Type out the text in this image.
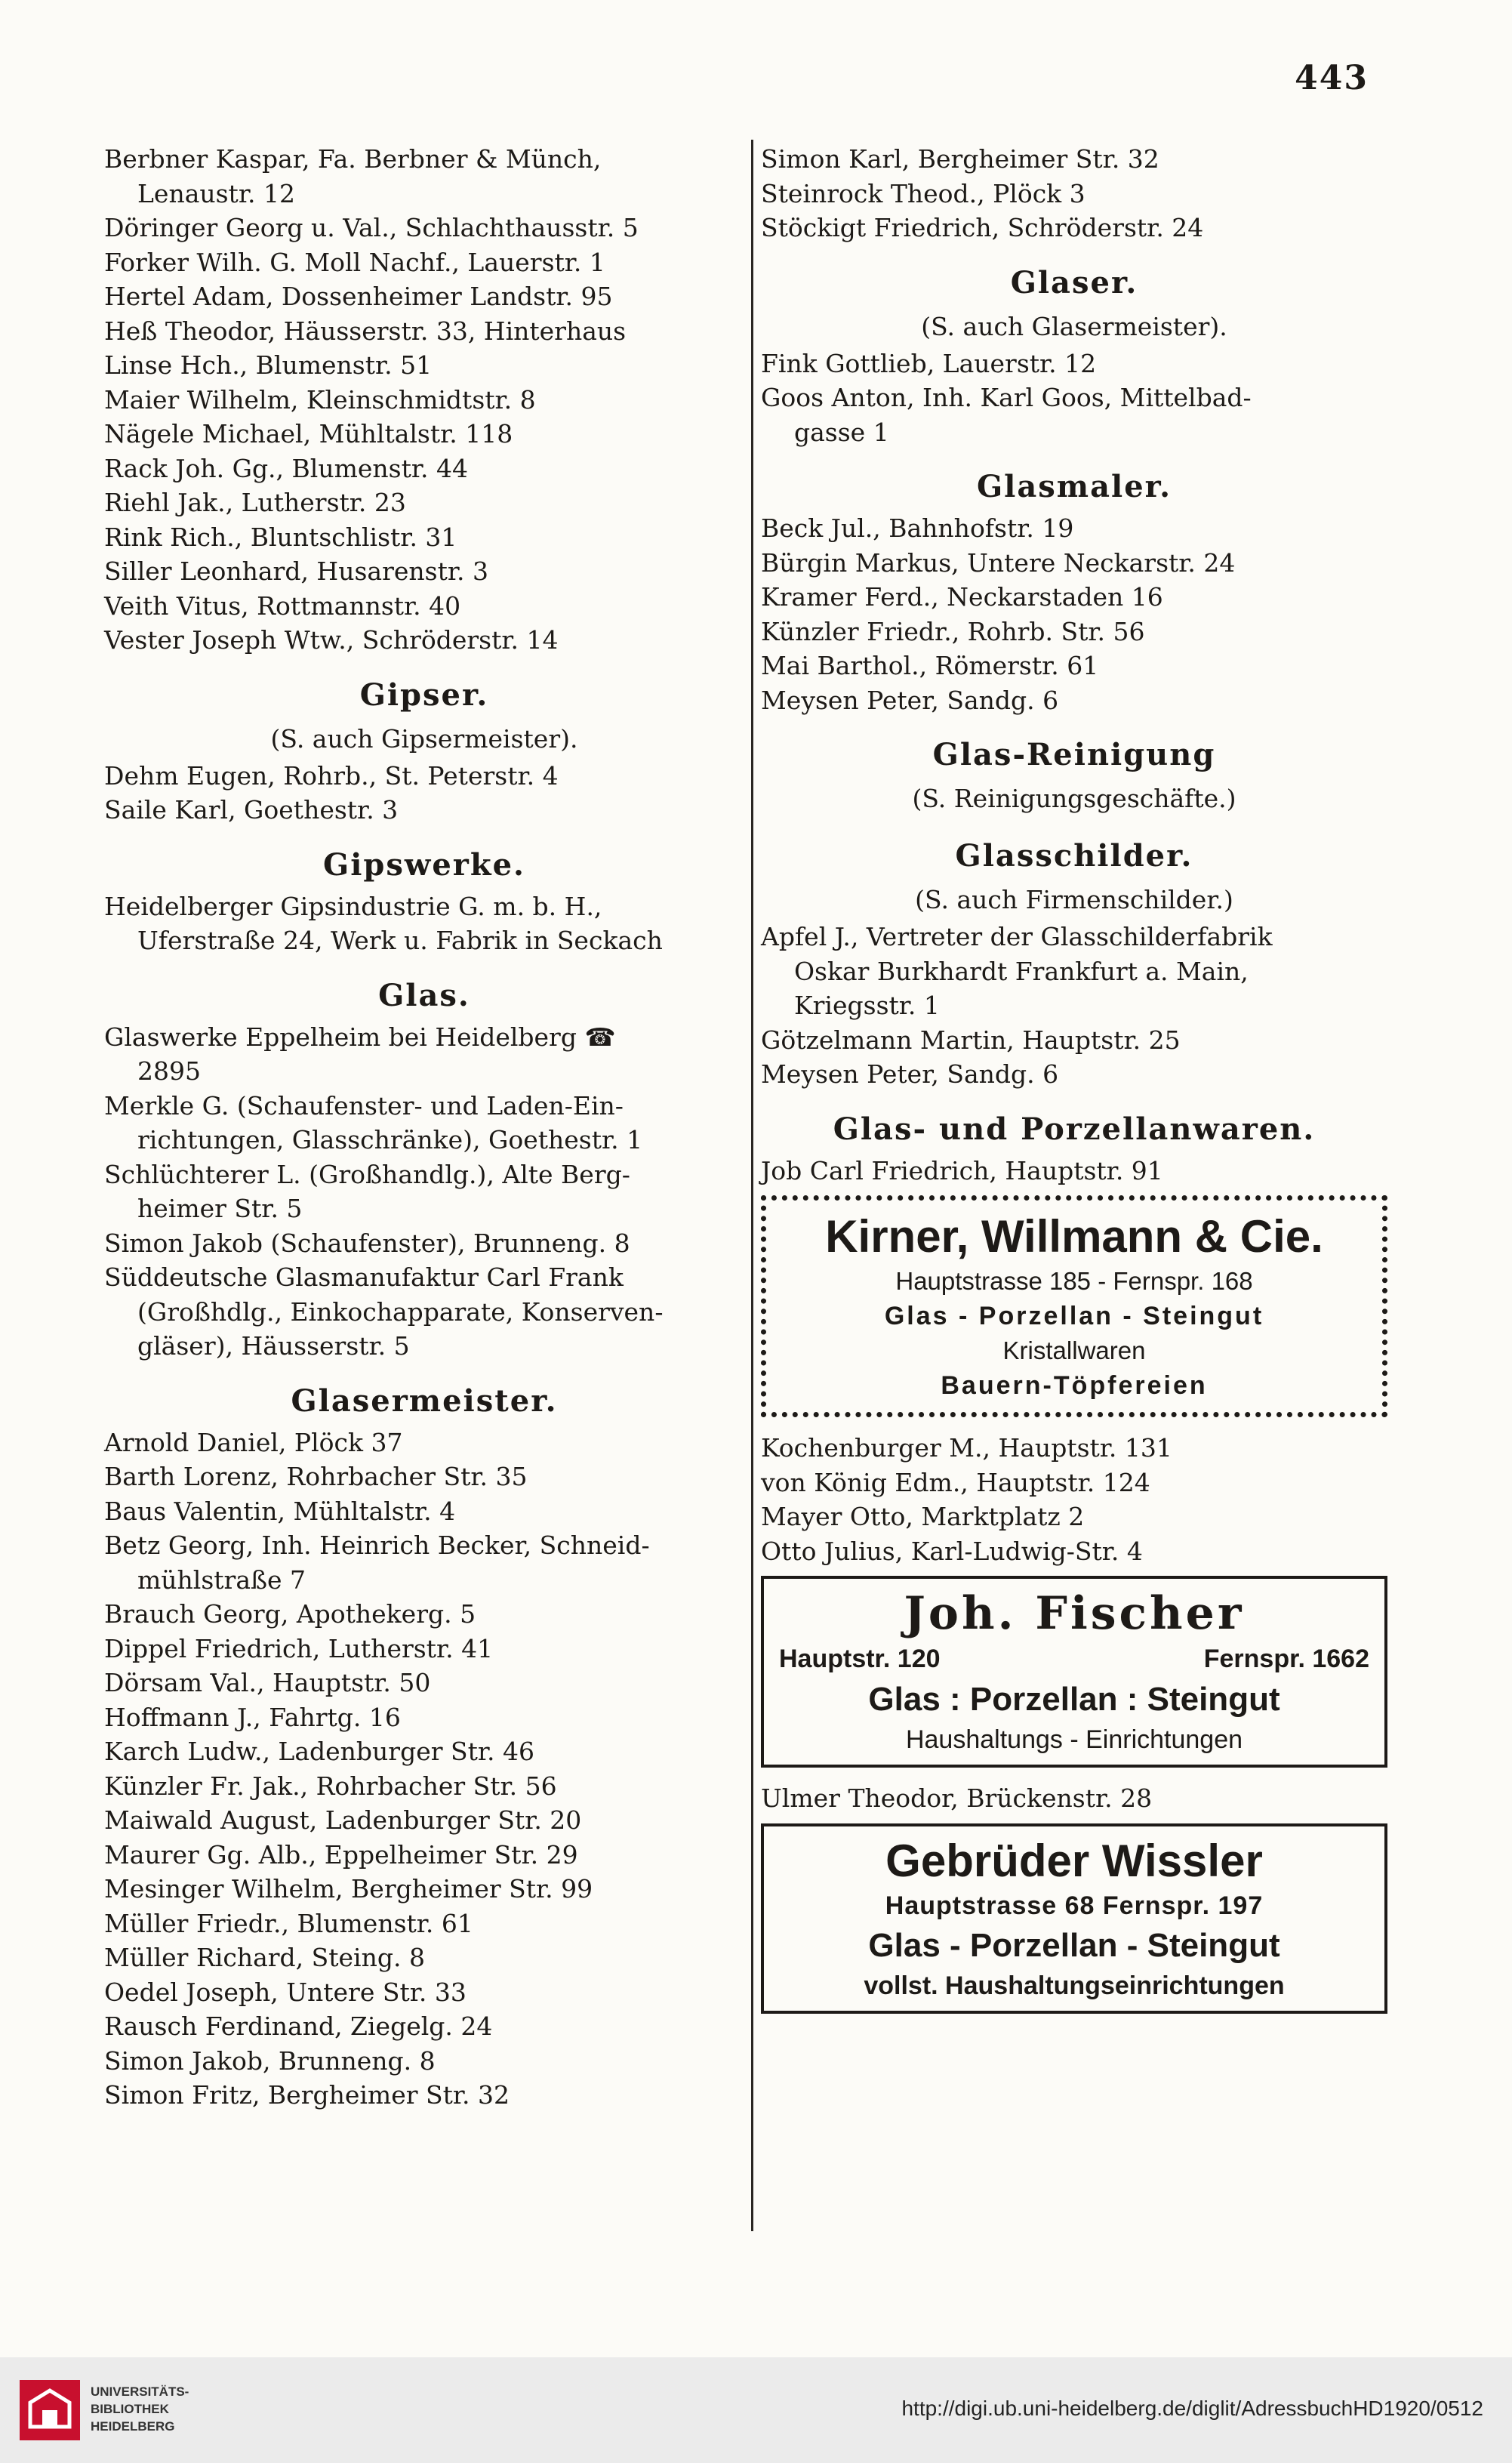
443
Berbner Kaspar, Fa. Berbner & Münch,
Lenaustr. 12
Döringer Georg u. Val., Schlachthausstr. 5
Forker Wilh. G. Moll Nachf., Lauerstr. 1
Hertel Adam, Dossenheimer Landstr. 95
Heß Theodor, Häusserstr. 33, Hinterhaus
Linse Hch., Blumenstr. 51
Maier Wilhelm, Kleinschmidtstr. 8
Nägele Michael, Mühltalstr. 118
Rack Joh. Gg., Blumenstr. 44
Riehl Jak., Lutherstr. 23
Rink Rich., Bluntschlistr. 31
Siller Leonhard, Husarenstr. 3
Veith Vitus, Rottmannstr. 40
Vester Joseph Wtw., Schröderstr. 14
Gipser.
(S. auch Gipsermeister).
Dehm Eugen, Rohrb., St. Peterstr. 4
Saile Karl, Goethestr. 3
Gipswerke.
Heidelberger Gipsindustrie G. m. b. H.,
Uferstraße 24, Werk u. Fabrik in Seckach
Glas.
Glaswerke Eppelheim bei Heidelberg ☎
2895
Merkle G. (Schaufenster- und Laden-Ein-
richtungen, Glasschränke), Goethestr. 1
Schlüchterer L. (Großhandlg.), Alte Berg-
heimer Str. 5
Simon Jakob (Schaufenster), Brunneng. 8
Süddeutsche Glasmanufaktur Carl Frank
(Großhdlg., Einkochapparate, Konserven-
gläser), Häusserstr. 5
Glasermeister.
Arnold Daniel, Plöck 37
Barth Lorenz, Rohrbacher Str. 35
Baus Valentin, Mühltalstr. 4
Betz Georg, Inh. Heinrich Becker, Schneid-
mühlstraße 7
Brauch Georg, Apothekerg. 5
Dippel Friedrich, Lutherstr. 41
Dörsam Val., Hauptstr. 50
Hoffmann J., Fahrtg. 16
Karch Ludw., Ladenburger Str. 46
Künzler Fr. Jak., Rohrbacher Str. 56
Maiwald August, Ladenburger Str. 20
Maurer Gg. Alb., Eppelheimer Str. 29
Mesinger Wilhelm, Bergheimer Str. 99
Müller Friedr., Blumenstr. 61
Müller Richard, Steing. 8
Oedel Joseph, Untere Str. 33
Rausch Ferdinand, Ziegelg. 24
Simon Jakob, Brunneng. 8
Simon Fritz, Bergheimer Str. 32
Simon Karl, Bergheimer Str. 32
Steinrock Theod., Plöck 3
Stöckigt Friedrich, Schröderstr. 24
Glaser.
(S. auch Glasermeister).
Fink Gottlieb, Lauerstr. 12
Goos Anton, Inh. Karl Goos, Mittelbad-
gasse 1
Glasmaler.
Beck Jul., Bahnhofstr. 19
Bürgin Markus, Untere Neckarstr. 24
Kramer Ferd., Neckarstaden 16
Künzler Friedr., Rohrb. Str. 56
Mai Barthol., Römerstr. 61
Meysen Peter, Sandg. 6
Glas-Reinigung
(S. Reinigungsgeschäfte.)
Glasschilder.
(S. auch Firmenschilder.)
Apfel J., Vertreter der Glasschilderfabrik
Oskar Burkhardt Frankfurt a. Main,
Kriegsstr. 1
Götzelmann Martin, Hauptstr. 25
Meysen Peter, Sandg. 6
Glas- und Porzellanwaren.
Job Carl Friedrich, Hauptstr. 91
Kirner, Willmann & Cie.
Hauptstrasse 185 - Fernspr. 168
Glas - Porzellan - Steingut
Kristallwaren
Bauern-Töpfereien
Kochenburger M., Hauptstr. 131
von König Edm., Hauptstr. 124
Mayer Otto, Marktplatz 2
Otto Julius, Karl-Ludwig-Str. 4
Joh. Fischer
Hauptstr. 120	Fernspr. 1662
Glas : Porzellan : Steingut
Haushaltungs - Einrichtungen
Ulmer Theodor, Brückenstr. 28
Gebrüder Wissler
Hauptstrasse 68 Fernspr. 197
Glas - Porzellan - Steingut
vollst. Haushaltungseinrichtungen
UNIVERSITÄTS-
BIBLIOTHEK
HEIDELBERG
http://digi.ub.uni-heidelberg.de/diglit/AdressbuchHD1920/0512
